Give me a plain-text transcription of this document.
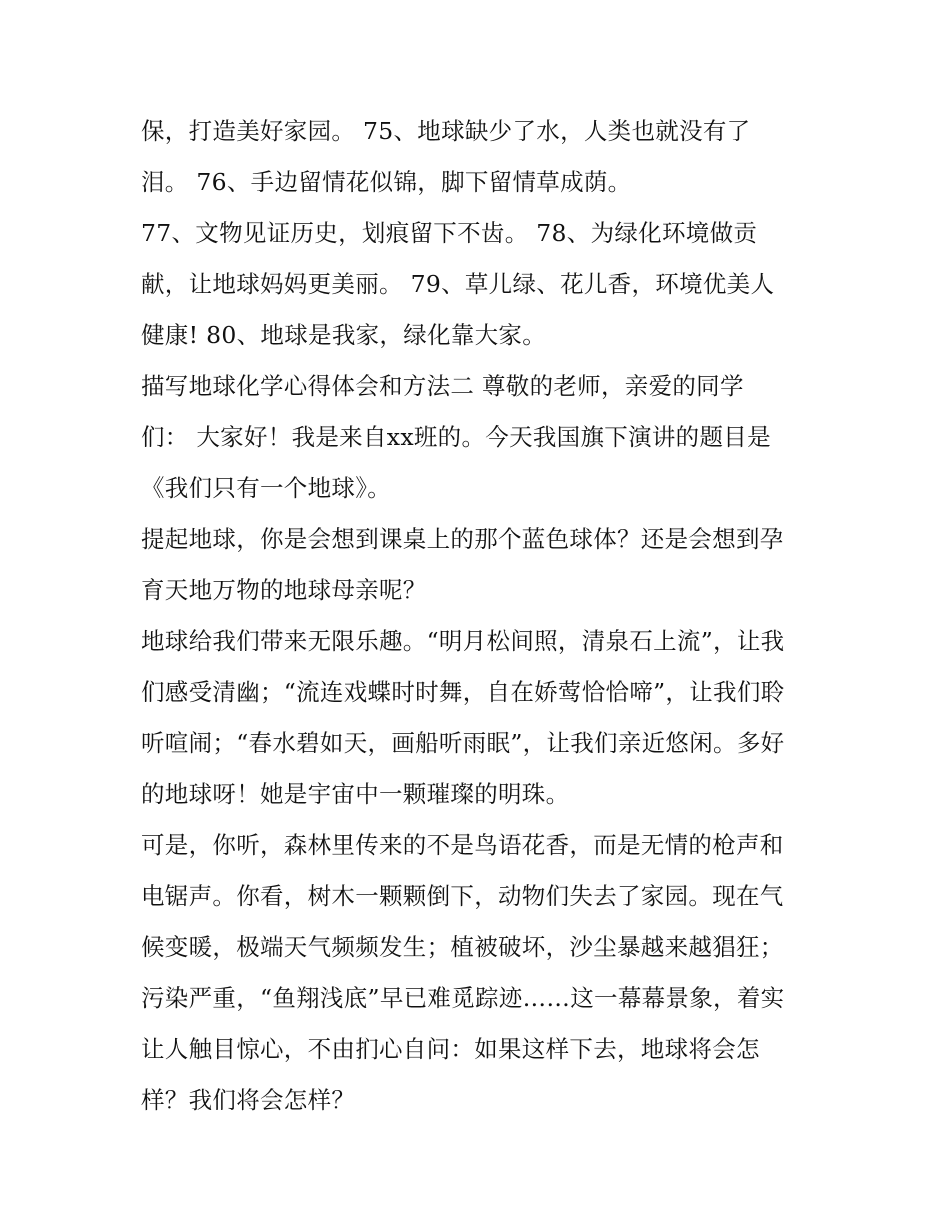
保，打造美好家园。 75、地球缺少了水，人类也就没有了
泪。 76、手边留情花似锦，脚下留情草成荫。
77、文物见证历史，划痕留下不齿。 78、为绿化环境做贡
献，让地球妈妈更美丽。 79、草儿绿、花儿香，环境优美人
健康! 80、地球是我家，绿化靠大家。
描写地球化学心得体会和方法二 尊敬的老师，亲爱的同学
们： 大家好！我是来自xx班的。今天我国旗下演讲的题目是
《我们只有一个地球》。
提起地球，你是会想到课桌上的那个蓝色球体？还是会想到孕
育天地万物的地球母亲呢？
地球给我们带来无限乐趣。“明月松间照，清泉石上流”，让我
们感受清幽；“流连戏蝶时时舞，自在娇莺恰恰啼”，让我们聆
听喧闹；“春水碧如天，画船听雨眠”，让我们亲近悠闲。多好
的地球呀！她是宇宙中一颗璀璨的明珠。
可是，你听，森林里传来的不是鸟语花香，而是无情的枪声和
电锯声。你看，树木一颗颗倒下，动物们失去了家园。现在气
候变暖，极端天气频频发生；植被破坏，沙尘暴越来越猖狂；
污染严重，“鱼翔浅底”早已难觅踪迹……这一幕幕景象，着实
让人触目惊心，不由扪心自问：如果这样下去，地球将会怎
样？我们将会怎样？
